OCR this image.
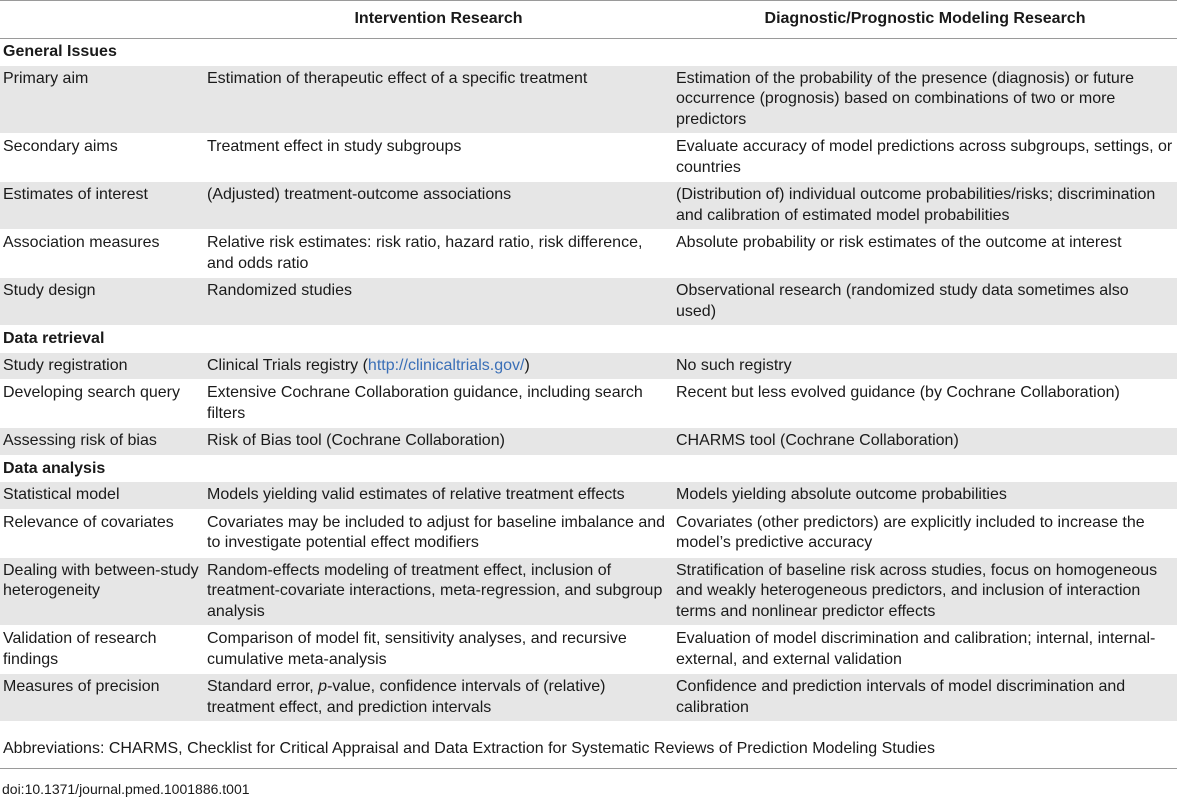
	Intervention Research	Diagnostic/Prognostic Modeling Research
General Issues		
Primary aim	Estimation of therapeutic effect of a specific treatment	Estimation of the probability of the presence (diagnosis) or future occurrence (prognosis) based on combinations of two or more predictors
Secondary aims	Treatment effect in study subgroups	Evaluate accuracy of model predictions across subgroups, settings, or countries
Estimates of interest	(Adjusted) treatment-outcome associations	(Distribution of) individual outcome probabilities/risks; discrimination and calibration of estimated model probabilities
Association measures	Relative risk estimates: risk ratio, hazard ratio, risk difference, and odds ratio	Absolute probability or risk estimates of the outcome at interest
Study design	Randomized studies	Observational research (randomized study data sometimes also used)
Data retrieval		
Study registration	Clinical Trials registry (http://clinicaltrials.gov/)	No such registry
Developing search query	Extensive Cochrane Collaboration guidance, including search filters	Recent but less evolved guidance (by Cochrane Collaboration)
Assessing risk of bias	Risk of Bias tool (Cochrane Collaboration)	CHARMS tool (Cochrane Collaboration)
Data analysis		
Statistical model	Models yielding valid estimates of relative treatment effects	Models yielding absolute outcome probabilities
Relevance of covariates	Covariates may be included to adjust for baseline imbalance and to investigate potential effect modifiers	Covariates (other predictors) are explicitly included to increase the model’s predictive accuracy
Dealing with between-study heterogeneity	Random-effects modeling of treatment effect, inclusion of treatment-covariate interactions, meta-regression, and subgroup analysis	Stratification of baseline risk across studies, focus on homogeneous and weakly heterogeneous predictors, and inclusion of interaction terms and nonlinear predictor effects
Validation of research findings	Comparison of model fit, sensitivity analyses, and recursive cumulative meta-analysis	Evaluation of model discrimination and calibration; internal, internal-external, and external validation
Measures of precision	Standard error, p-value, confidence intervals of (relative) treatment effect, and prediction intervals	Confidence and prediction intervals of model discrimination and calibration
Abbreviations: CHARMS, Checklist for Critical Appraisal and Data Extraction for Systematic Reviews of Prediction Modeling Studies
doi:10.1371/journal.pmed.1001886.t001
